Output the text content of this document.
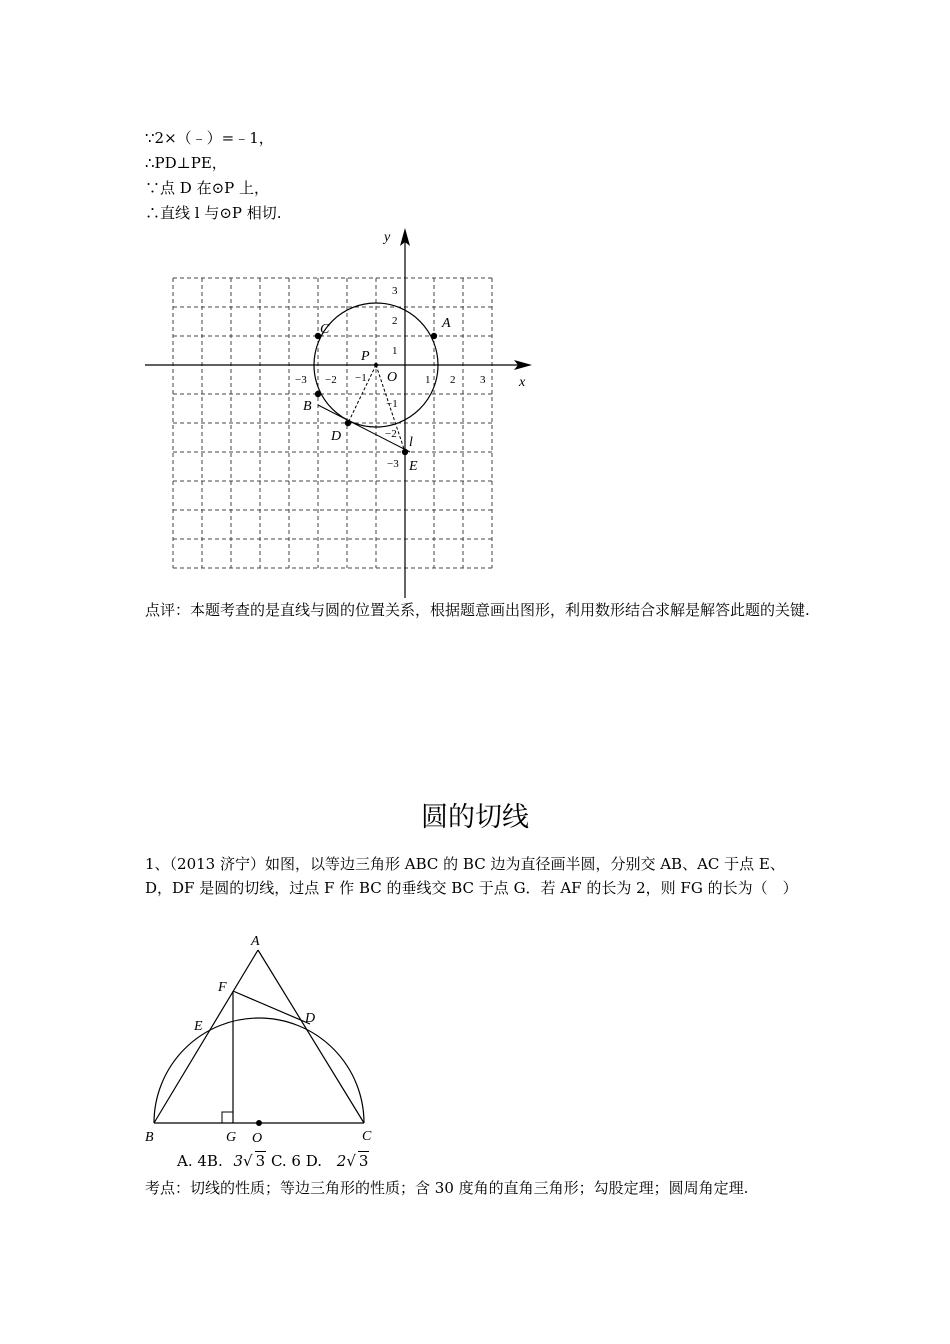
∵2×（﹣）=﹣1，
∴PD⊥PE，
∵点 D 在⊙P 上，
∴直线 l 与⊙P 相切.
y
x
O
A
C
B
D
E
P
l
−3 −2 −1	1 2 3
3
2
1
−1
−2
−3
点评：本题考查的是直线与圆的位置关系，根据题意画出图形，利用数形结合求解是解答此题的关键.
圆的切线
1、（2013 济宁）如图，以等边三角形 ABC 的 BC 边为直径画半圆，分别交 AB、AC 于点 E、D，DF 是圆的切线，过点 F 作 BC 的垂线交 BC 于点 G．若 AF 的长为 2，则 FG 的长为（　）
A
F
D
E
B	G O	C
A. 4B. 3√ 3 C. 6 D. 2√ 3
考点：切线的性质；等边三角形的性质；含 30 度角的直角三角形；勾股定理；圆周角定理.
